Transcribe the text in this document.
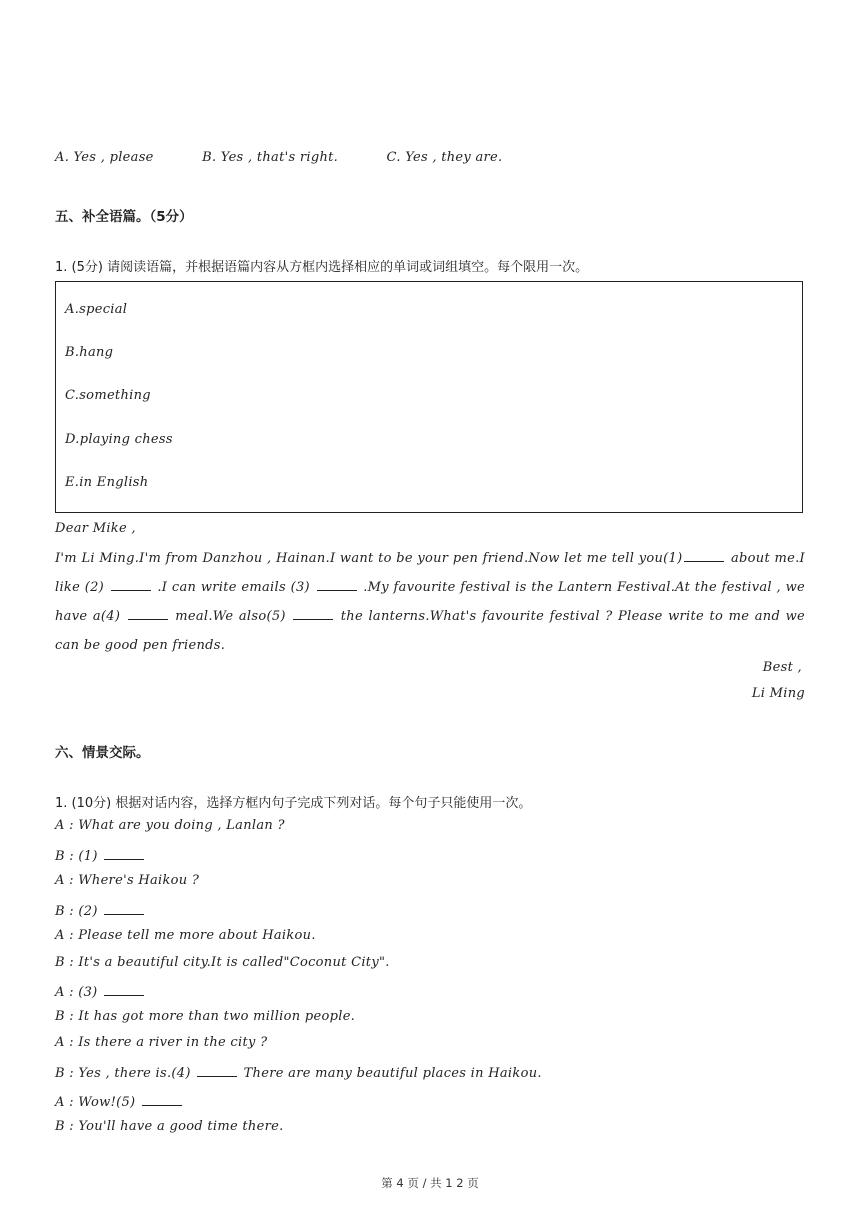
A. Yes , please	B. Yes , that's right.	C. Yes , they are.
五、补全语篇。（5分）
1. (5分) 请阅读语篇，并根据语篇内容从方框内选择相应的单词或词组填空。每个限用一次。
A.special
B.hang
C.something
D.playing chess
E.in English
Dear Mike ,
I'm Li Ming.I'm from Danzhou , Hainan.I want to be your pen friend.Now let me tell you(1)	about me.I like (2)	.I can write emails (3)	.My favourite festival is the Lantern Festival.At the festival , we have a(4)	meal.We also(5)	the lanterns.What's favourite festival ? Please write to me and we can be good pen friends.
Best ,
Li Ming
六、情景交际。
1. (10分) 根据对话内容，选择方框内句子完成下列对话。每个句子只能使用一次。
A : What are you doing , Lanlan ?
B : (1)
A : Where's Haikou ?
B : (2)
A : Please tell me more about Haikou.
B : It's a beautiful city.It is called"Coconut City".
A : (3)
B : It has got more than two million people.
A : Is there a river in the city ?
B : Yes , there is.(4)	There are many beautiful places in Haikou.
A : Wow!(5)
B : You'll have a good time there.
第 4 页 / 共 1 2 页
